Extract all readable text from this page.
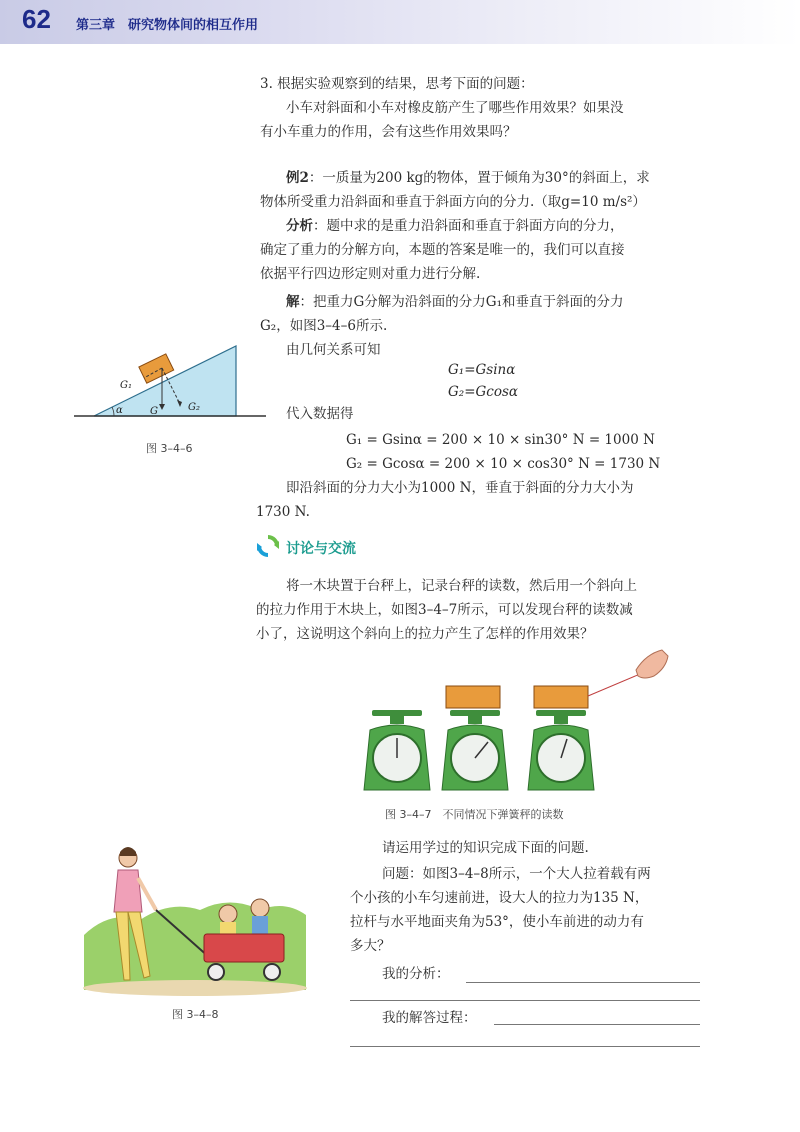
62 第三章　研究物体间的相互作用
3. 根据实验观察到的结果，思考下面的问题：
小车对斜面和小车对橡皮筋产生了哪些作用效果？如果没
有小车重力的作用，会有这些作用效果吗？
例2：一质量为200 kg的物体，置于倾角为30°的斜面上，求
物体所受重力沿斜面和垂直于斜面方向的分力.（取g=10 m/s²）
分析：题中求的是重力沿斜面和垂直于斜面方向的分力，
确定了重力的分解方向，本题的答案是唯一的，我们可以直接
依据平行四边形定则对重力进行分解.
解：把重力G分解为沿斜面的分力G₁和垂直于斜面的分力
G₂，如图3–4–6所示.
由几何关系可知
G₁=Gsinα
G₂=Gcosα
代入数据得
G₁ = Gsinα = 200 × 10 × sin30° N = 1000 N
G₂ = Gcosα = 200 × 10 × cos30° N = 1730 N
即沿斜面的分力大小为1000 N，垂直于斜面的分力大小为
1730 N.
G₁
G	G₂
α
图 3–4–6
讨论与交流
将一木块置于台秤上，记录台秤的读数，然后用一个斜向上
的拉力作用于木块上，如图3–4–7所示，可以发现台秤的读数减
小了，这说明这个斜向上的拉力产生了怎样的作用效果？
图 3–4–7　不同情况下弹簧秤的读数
图 3–4–8
请运用学过的知识完成下面的问题.
问题：如图3–4–8所示，一个大人拉着载有两
个小孩的小车匀速前进，设大人的拉力为135 N，
拉杆与水平地面夹角为53°，使小车前进的动力有
多大？
我的分析：
我的解答过程：
